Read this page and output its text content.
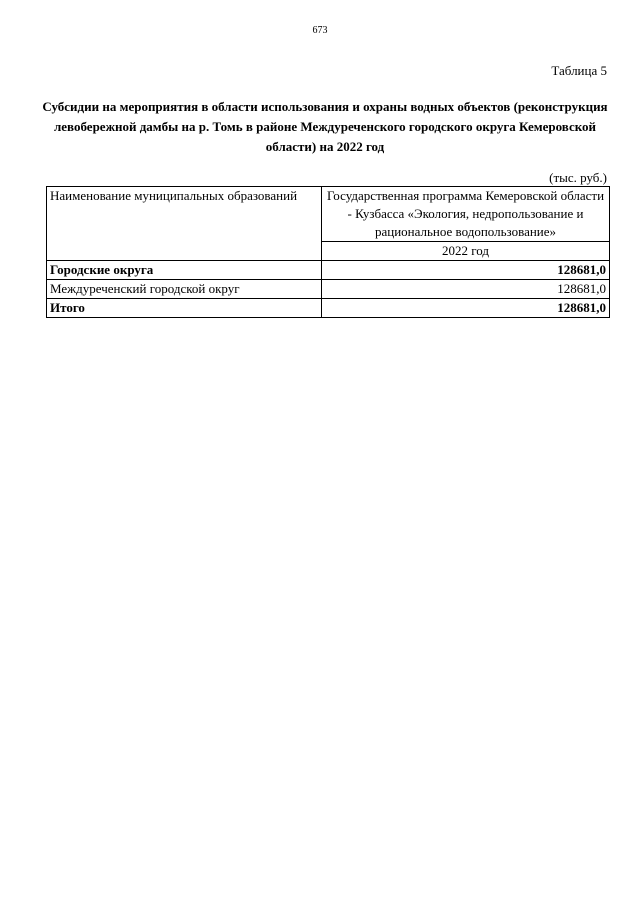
673
Таблица 5
Субсидии на мероприятия в области использования и охраны водных объектов (реконструкция левобережной дамбы на р. Томь в районе Междуреченского городского округа Кемеровской области) на 2022 год
(тыс. руб.)
Наименование муниципальных образований	Государственная программа Кемеровской области - Кузбасса «Экология, недропользование и рациональное водопользование»
	2022 год
Городские округа	128681,0
Междуреченский городской округ	128681,0
Итого	128681,0
